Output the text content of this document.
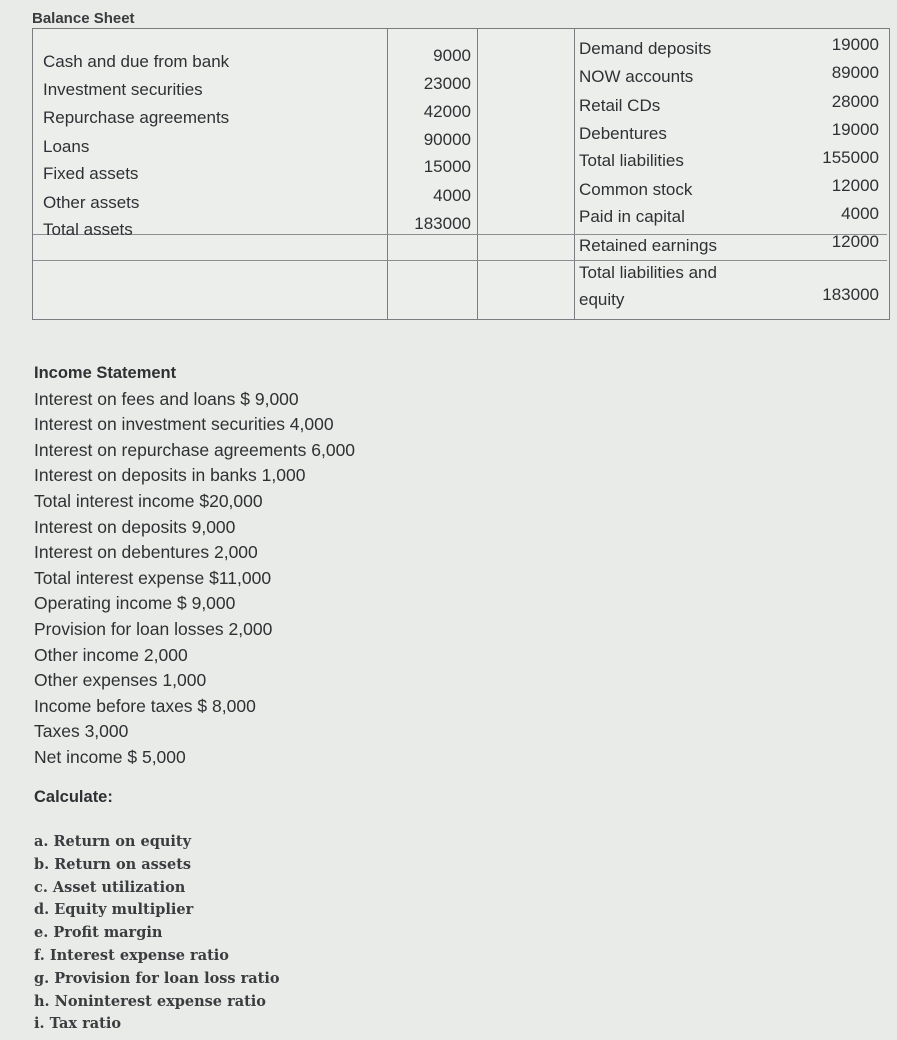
Balance Sheet
Cash and due from bank
Investment securities
Repurchase agreements
Loans
Fixed assets
Other assets
Total assets
9000
23000
42000
90000
15000
4000
183000
Demand deposits
NOW accounts
Retail CDs
Debentures
Total liabilities
Common stock
Paid in capital
Retained earnings
Total liabilities and
equity
19000
89000
28000
19000
155000
12000
4000
12000
183000
Income Statement
Interest on fees and loans $ 9,000
Interest on investment securities 4,000
Interest on repurchase agreements 6,000
Interest on deposits in banks 1,000
Total interest income $20,000
Interest on deposits 9,000
Interest on debentures 2,000
Total interest expense $11,000
Operating income $ 9,000
Provision for loan losses 2,000
Other income 2,000
Other expenses 1,000
Income before taxes $ 8,000
Taxes 3,000
Net income $ 5,000
Calculate:
a. Return on equity
b. Return on assets
c. Asset utilization
d. Equity multiplier
e. Profit margin
f. Interest expense ratio
g. Provision for loan loss ratio
h. Noninterest expense ratio
i. Tax ratio
